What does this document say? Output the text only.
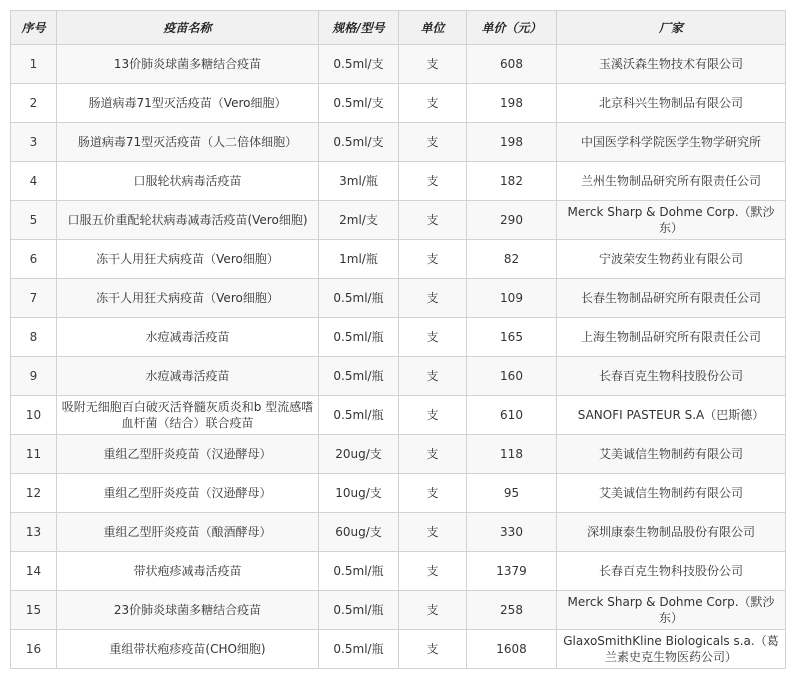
序号	疫苗名称	规格/型号	单位	单价（元）	厂家
1	13价肺炎球菌多糖结合疫苗	0.5ml/支	支	608	玉溪沃森生物技术有限公司
2	肠道病毒71型灭活疫苗（Vero细胞）	0.5ml/支	支	198	北京科兴生物制品有限公司
3	肠道病毒71型灭活疫苗（人二倍体细胞）	0.5ml/支	支	198	中国医学科学院医学生物学研究所
4	口服轮状病毒活疫苗	3ml/瓶	支	182	兰州生物制品研究所有限责任公司
5	口服五价重配轮状病毒减毒活疫苗(Vero细胞)	2ml/支	支	290	Merck Sharp & Dohme Corp.（默沙东）
6	冻干人用狂犬病疫苗（Vero细胞）	1ml/瓶	支	82	宁波荣安生物药业有限公司
7	冻干人用狂犬病疫苗（Vero细胞）	0.5ml/瓶	支	109	长春生物制品研究所有限责任公司
8	水痘减毒活疫苗	0.5ml/瓶	支	165	上海生物制品研究所有限责任公司
9	水痘减毒活疫苗	0.5ml/瓶	支	160	长春百克生物科技股份公司
10	吸附无细胞百白破灭活脊髓灰质炎和b 型流感嗜血杆菌（结合）联合疫苗	0.5ml/瓶	支	610	SANOFI PASTEUR S.A（巴斯德）
11	重组乙型肝炎疫苗（汉逊酵母）	20ug/支	支	118	艾美诚信生物制药有限公司
12	重组乙型肝炎疫苗（汉逊酵母）	10ug/支	支	95	艾美诚信生物制药有限公司
13	重组乙型肝炎疫苗（酿酒酵母）	60ug/支	支	330	深圳康泰生物制品股份有限公司
14	带状疱疹减毒活疫苗	0.5ml/瓶	支	1379	长春百克生物科技股份公司
15	23价肺炎球菌多糖结合疫苗	0.5ml/瓶	支	258	Merck Sharp & Dohme Corp.（默沙东）
16	重组带状疱疹疫苗(CHO细胞)	0.5ml/瓶	支	1608	GlaxoSmithKline Biologicals s.a.（葛兰素史克生物医药公司）
